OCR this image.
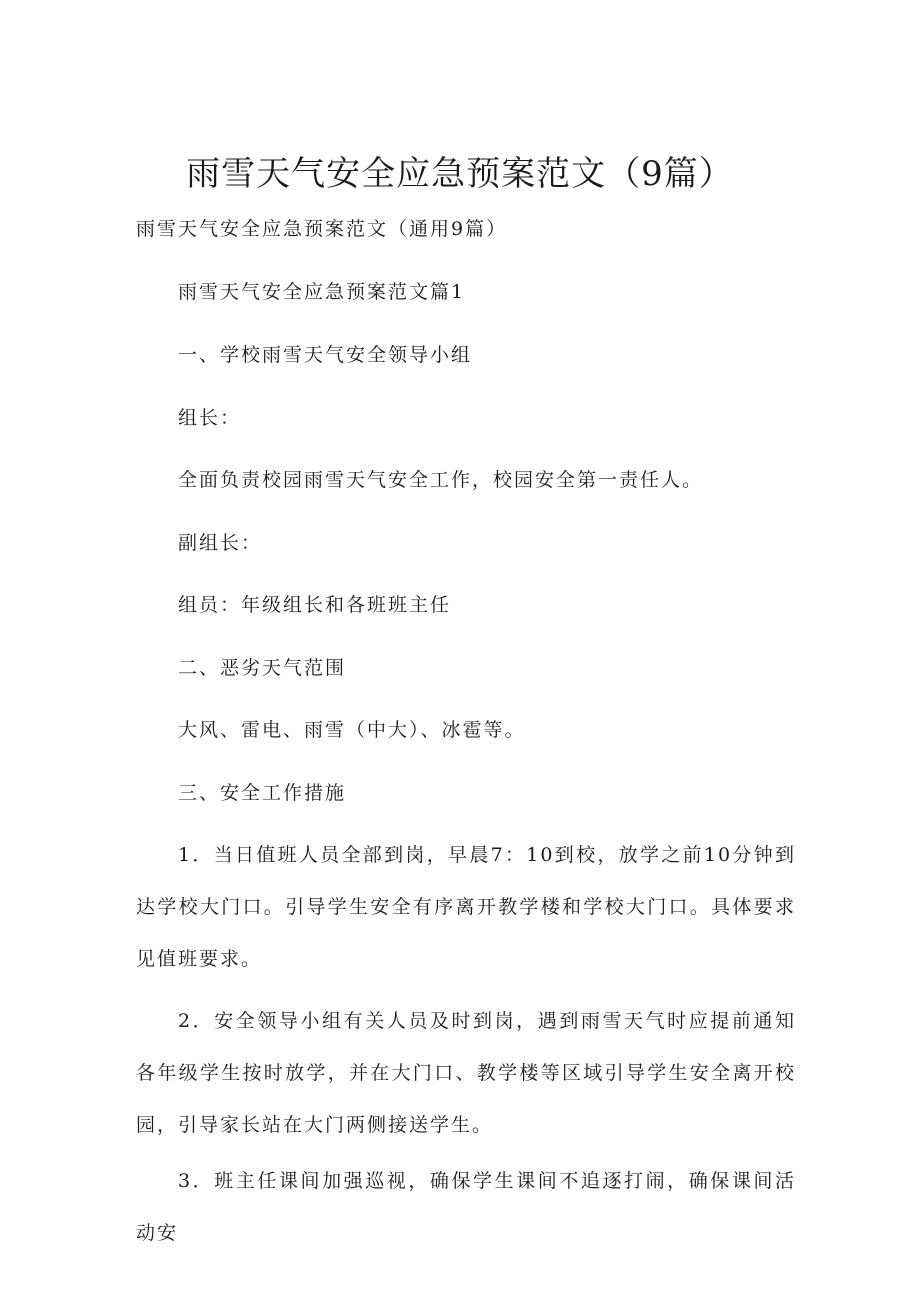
雨雪天气安全应急预案范文（9篇）

雨雪天气安全应急预案范文（通用9篇）

雨雪天气安全应急预案范文篇1

一、学校雨雪天气安全领导小组

组长：

全面负责校园雨雪天气安全工作，校园安全第一责任人。

副组长：

组员：年级组长和各班班主任

二、恶劣天气范围

大风、雷电、雨雪（中大）、冰雹等。

三、安全工作措施

1．当日值班人员全部到岗，早晨7：10到校，放学之前10分钟到达学校大门口。引导学生安全有序离开教学楼和学校大门口。具体要求见值班要求。

2．安全领导小组有关人员及时到岗，遇到雨雪天气时应提前通知各年级学生按时放学，并在大门口、教学楼等区域引导学生安全离开校园，引导家长站在大门两侧接送学生。

3．班主任课间加强巡视，确保学生课间不追逐打闹，确保课间活动安
